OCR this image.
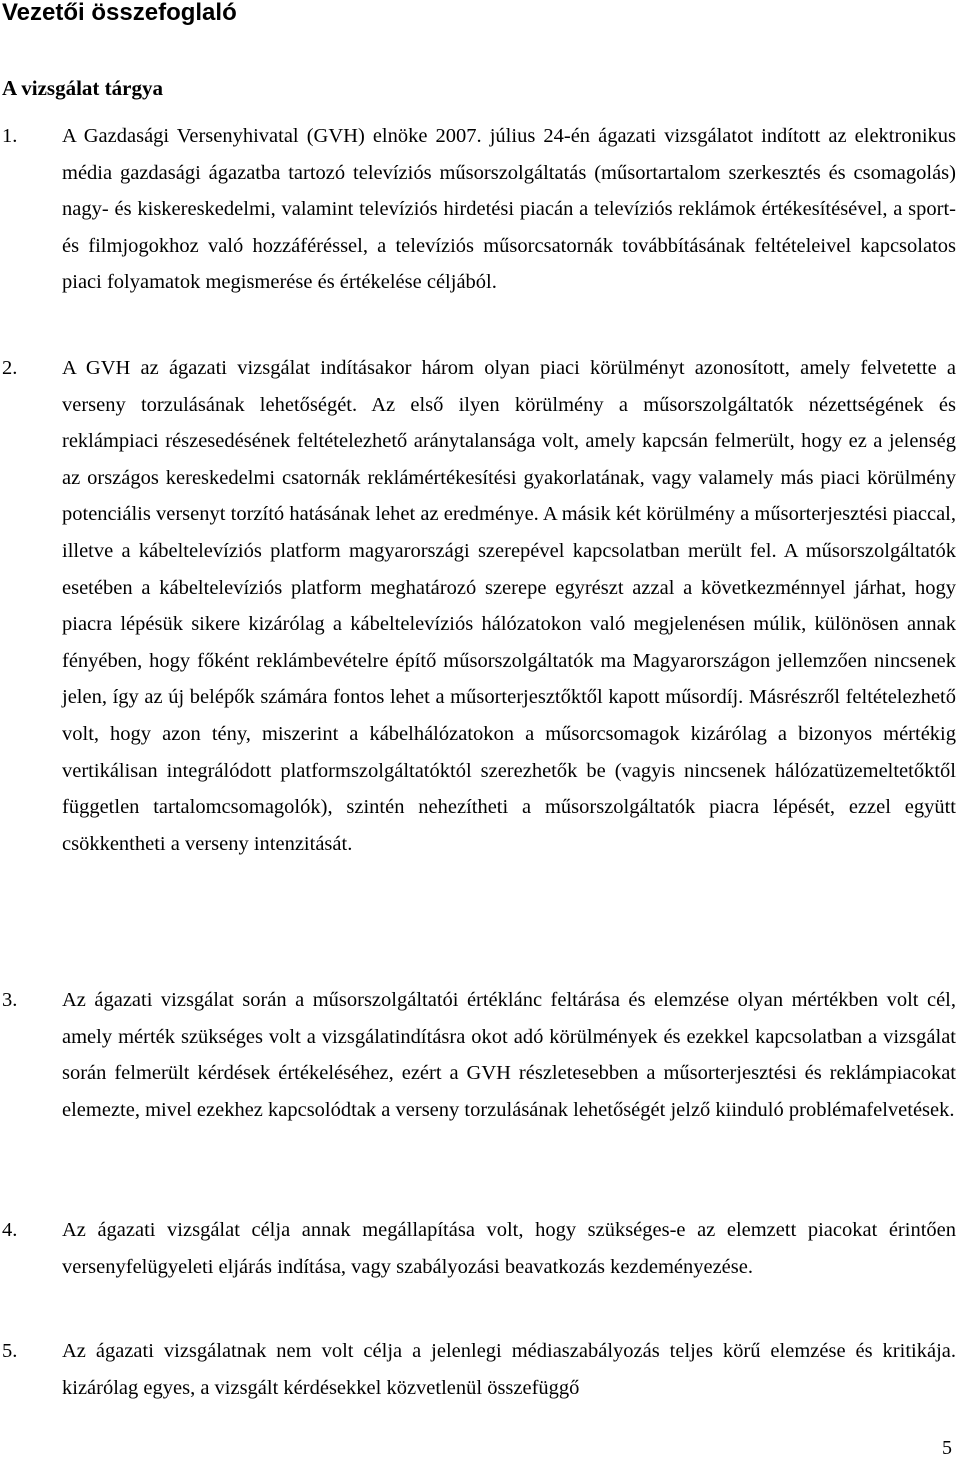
Vezetői összefoglaló
A vizsgálat tárgya
1.	A Gazdasági Versenyhivatal (GVH) elnöke 2007. július 24-én ágazati vizsgálatot indított az elektronikus média gazdasági ágazatba tartozó televíziós műsorszolgáltatás (műsortartalom szerkesztés és csomagolás) nagy- és kiskereskedelmi, valamint televíziós hirdetési piacán a televíziós reklámok értékesítésével, a sport- és filmjogokhoz való hozzáféréssel, a televíziós műsorcsatornák továbbításának feltételeivel kapcsolatos piaci folyamatok megismerése és értékelése céljából.
2.	A GVH az ágazati vizsgálat indításakor három olyan piaci körülményt azonosított, amely felvetette a verseny torzulásának lehetőségét. Az első ilyen körülmény a műsorszolgáltatók nézettségének és reklámpiaci részesedésének feltételezhető aránytalansága volt, amely kapcsán felmerült, hogy ez a jelenség az országos kereskedelmi csatornák reklámértékesítési gyakorlatának, vagy valamely más piaci körülmény potenciális versenyt torzító hatásának lehet az eredménye. A másik két körülmény a műsorterjesztési piaccal, illetve a kábeltelevíziós platform magyarországi szerepével kapcsolatban merült fel. A műsorszolgáltatók esetében a kábeltelevíziós platform meghatározó szerepe egyrészt azzal a következménnyel járhat, hogy piacra lépésük sikere kizárólag a kábeltelevíziós hálózatokon való megjelenésen múlik, különösen annak fényében, hogy főként reklámbevételre építő műsorszolgáltatók ma Magyarországon jellemzően nincsenek jelen, így az új belépők számára fontos lehet a műsorterjesztőktől kapott műsordíj. Másrészről feltételezhető volt, hogy azon tény, miszerint a kábelhálózatokon a műsorcsomagok kizárólag a bizonyos mértékig vertikálisan integrálódott platformszolgáltatóktól szerezhetők be (vagyis nincsenek hálózatüzemeltetőktől független tartalomcsomagolók), szintén nehezítheti a műsorszolgáltatók piacra lépését, ezzel együtt csökkentheti a verseny intenzitását.
3.	Az ágazati vizsgálat során a műsorszolgáltatói értéklánc feltárása és elemzése olyan mértékben volt cél, amely mérték szükséges volt a vizsgálatindításra okot adó körülmények és ezekkel kapcsolatban a vizsgálat során felmerült kérdések értékeléséhez, ezért a GVH részletesebben a műsorterjesztési és reklámpiacokat elemezte, mivel ezekhez kapcsolódtak a verseny torzulásának lehetőségét jelző kiinduló problémafelvetések.
4.	Az ágazati vizsgálat célja annak megállapítása volt, hogy szükséges-e az elemzett piacokat érintően versenyfelügyeleti eljárás indítása, vagy szabályozási beavatkozás kezdeményezése.
5.	Az ágazati vizsgálatnak nem volt célja a jelenlegi médiaszabályozás teljes körű elemzése és kritikája. kizárólag egyes, a vizsgált kérdésekkel közvetlenül összefüggő
5
